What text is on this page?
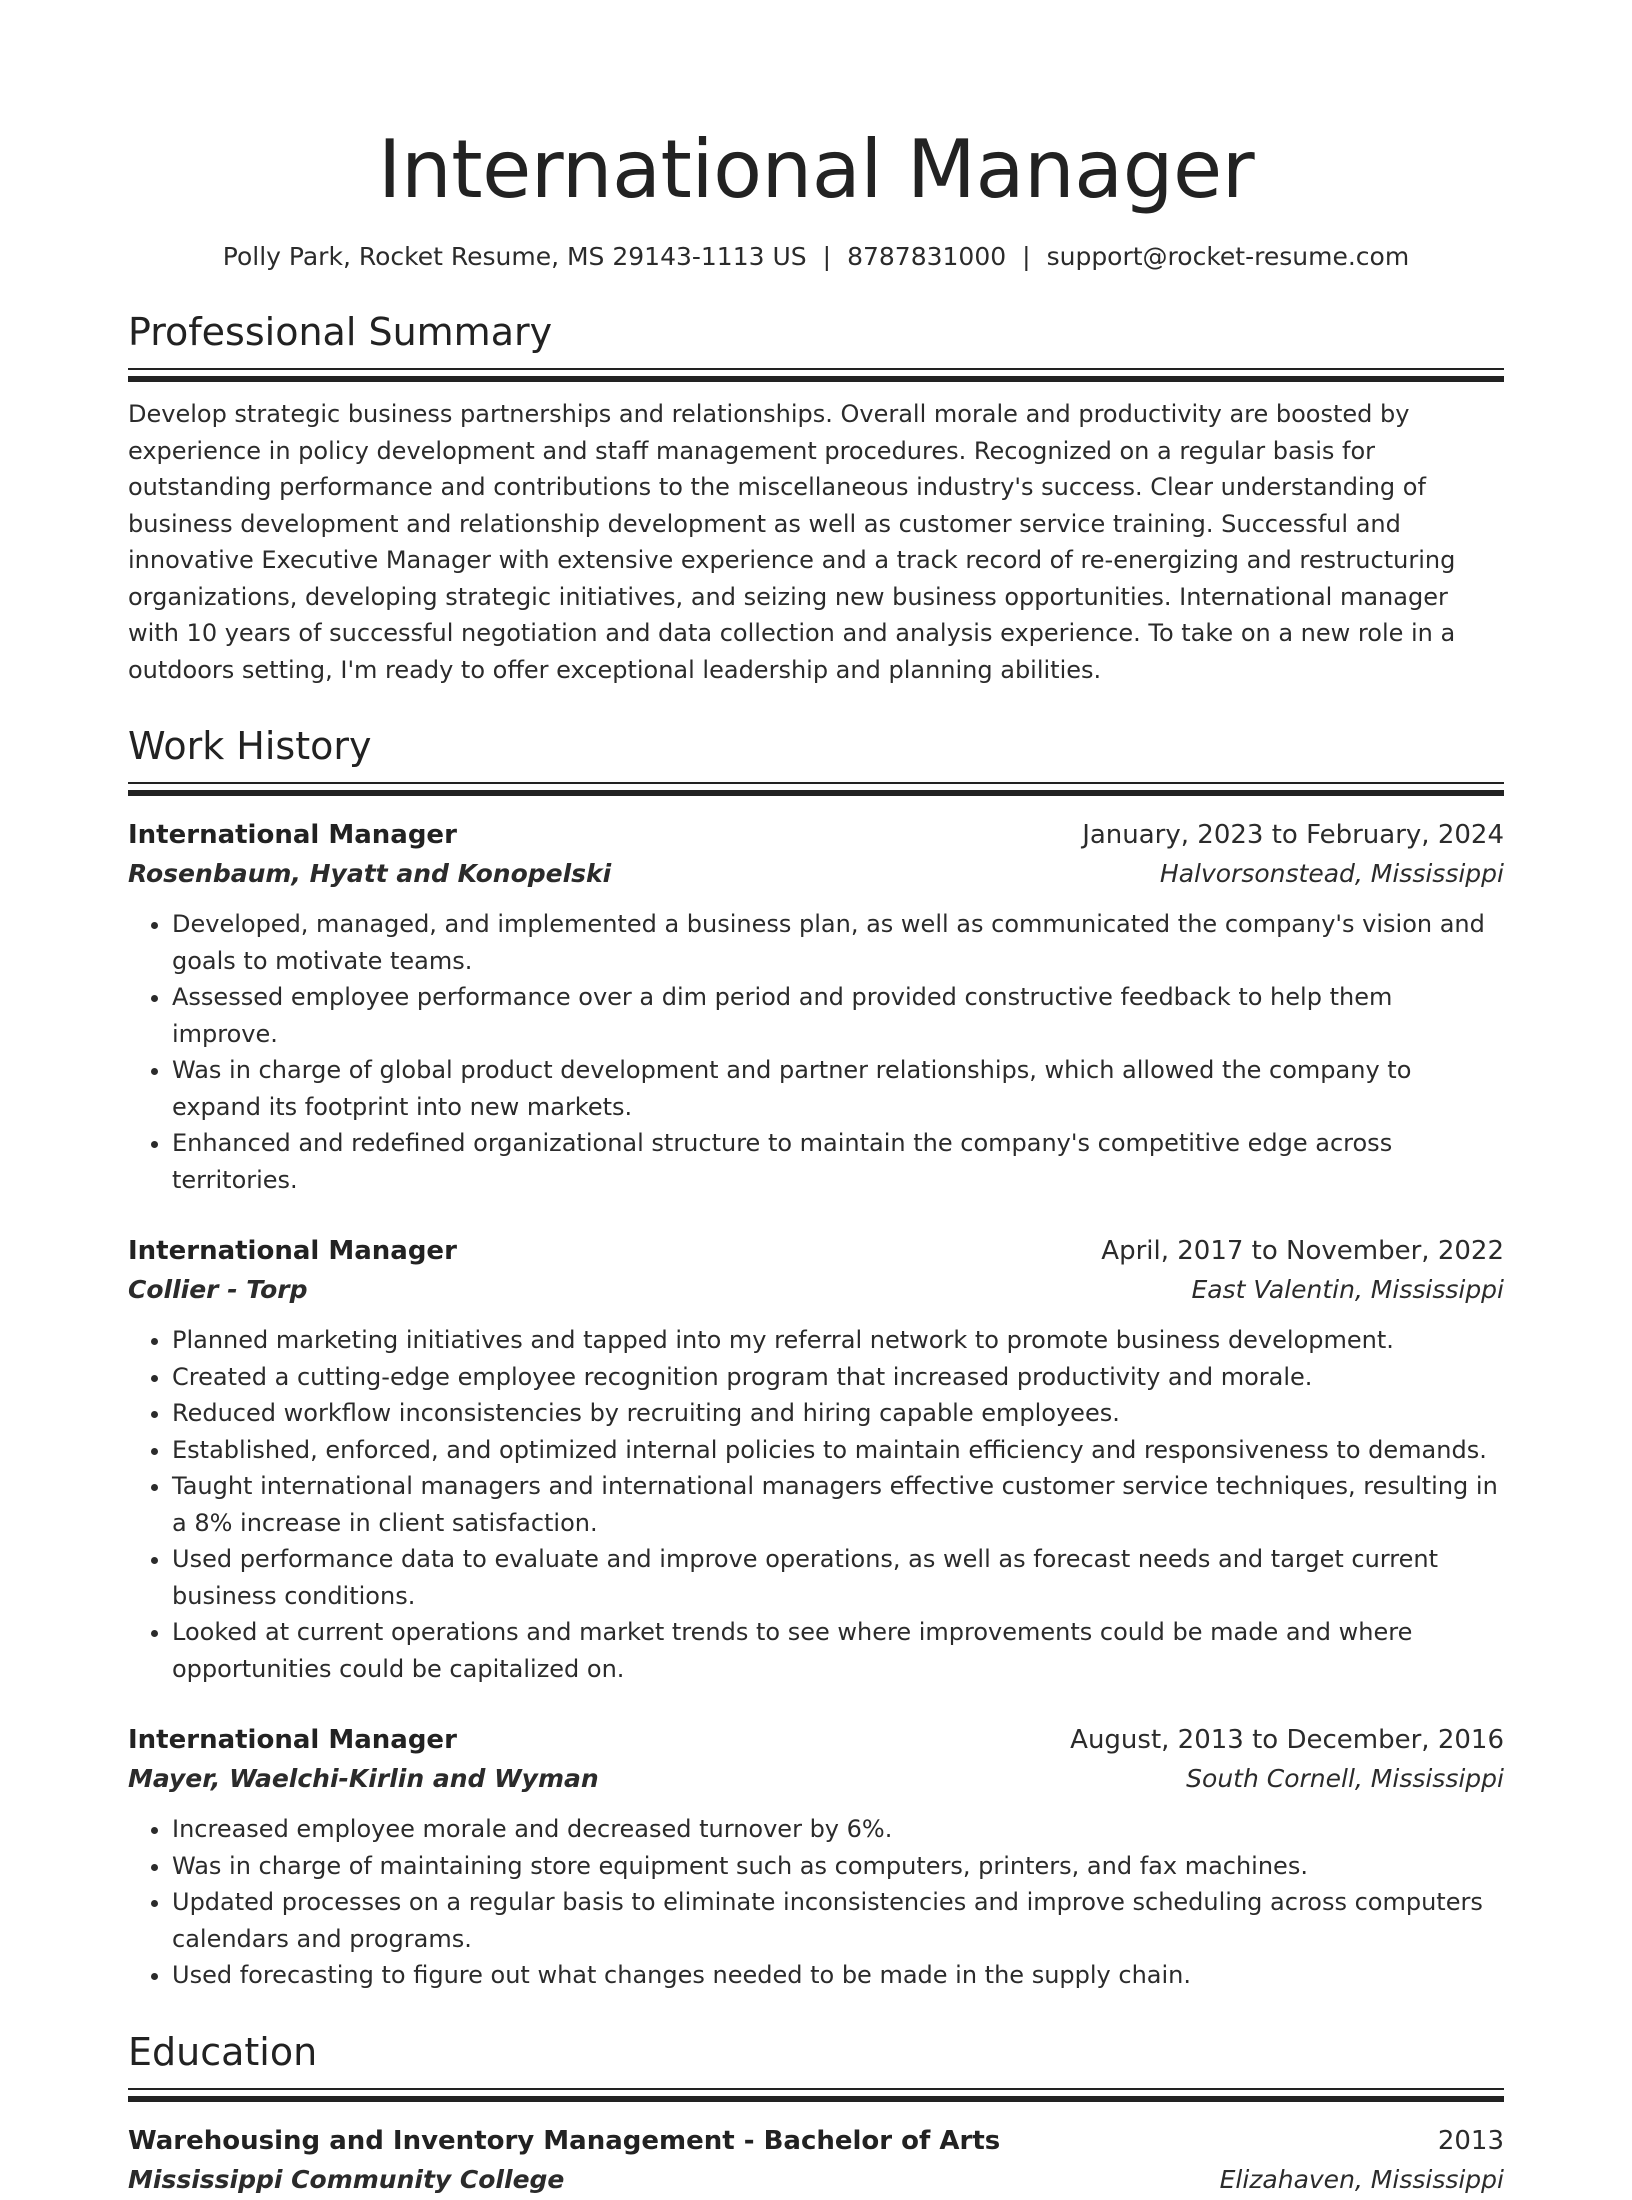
International Manager
Polly Park, Rocket Resume, MS 29143-1113 US | 8787831000 | support@rocket-resume.com
Professional Summary
Develop strategic business partnerships and relationships. Overall morale and productivity are boosted by experience in policy development and staff management procedures. Recognized on a regular basis for outstanding performance and contributions to the miscellaneous industry's success. Clear understanding of business development and relationship development as well as customer service training. Successful and innovative Executive Manager with extensive experience and a track record of re-energizing and restructuring organizations, developing strategic initiatives, and seizing new business opportunities. International manager with 10 years of successful negotiation and data collection and analysis experience. To take on a new role in a outdoors setting, I'm ready to offer exceptional leadership and planning abilities.
Work History
International Manager	January, 2023 to February, 2024
Rosenbaum, Hyatt and Konopelski	Halvorsonstead, Mississippi
• Developed, managed, and implemented a business plan, as well as communicated the company's vision and goals to motivate teams.
• Assessed employee performance over a dim period and provided constructive feedback to help them improve.
• Was in charge of global product development and partner relationships, which allowed the company to expand its footprint into new markets.
• Enhanced and redefined organizational structure to maintain the company's competitive edge across territories.
International Manager	April, 2017 to November, 2022
Collier - Torp	East Valentin, Mississippi
• Planned marketing initiatives and tapped into my referral network to promote business development.
• Created a cutting-edge employee recognition program that increased productivity and morale.
• Reduced workflow inconsistencies by recruiting and hiring capable employees.
• Established, enforced, and optimized internal policies to maintain efficiency and responsiveness to demands.
• Taught international managers and international managers effective customer service techniques, resulting in a 8% increase in client satisfaction.
• Used performance data to evaluate and improve operations, as well as forecast needs and target current business conditions.
• Looked at current operations and market trends to see where improvements could be made and where opportunities could be capitalized on.
International Manager	August, 2013 to December, 2016
Mayer, Waelchi-Kirlin and Wyman	South Cornell, Mississippi
• Increased employee morale and decreased turnover by 6%.
• Was in charge of maintaining store equipment such as computers, printers, and fax machines.
• Updated processes on a regular basis to eliminate inconsistencies and improve scheduling across computers calendars and programs.
• Used forecasting to figure out what changes needed to be made in the supply chain.
Education
Warehousing and Inventory Management - Bachelor of Arts	2013
Mississippi Community College	Elizahaven, Mississippi
